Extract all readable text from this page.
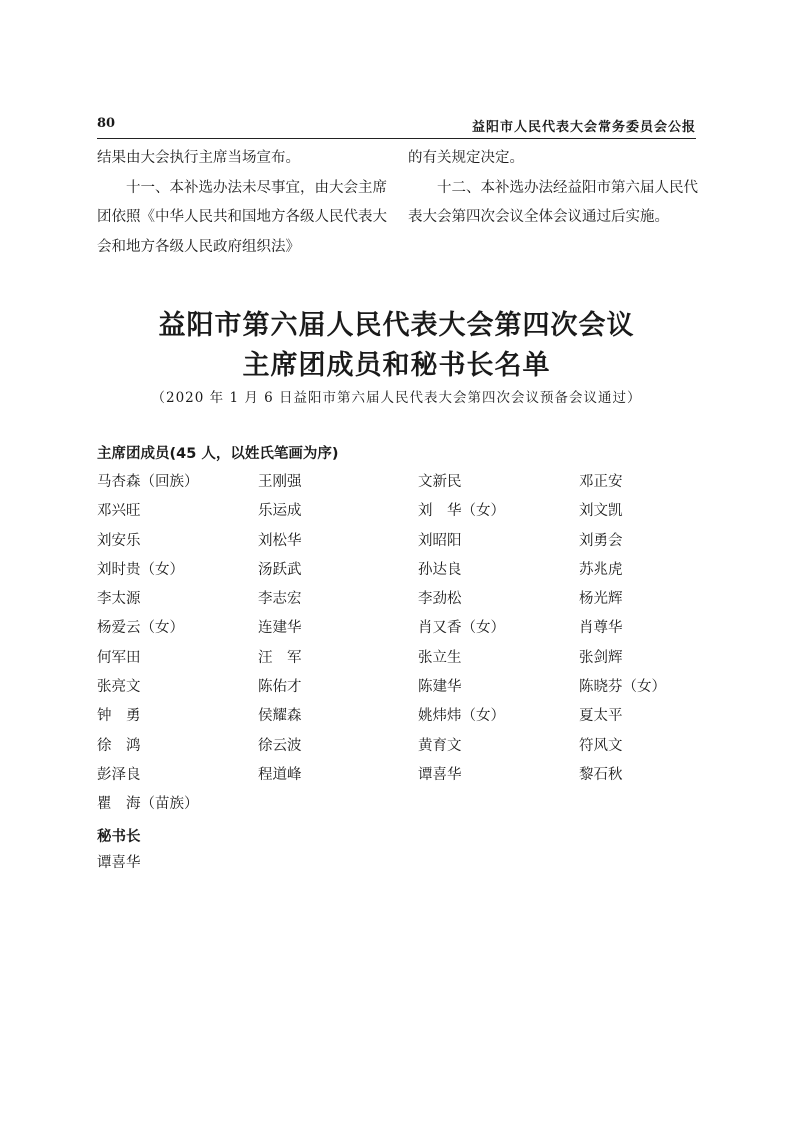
80	益阳市人民代表大会常务委员会公报

结果由大会执行主席当场宣布。

十一、本补选办法未尽事宜，由大会主席团依照《中华人民共和国地方各级人民代表大会和地方各级人民政府组织法》

的有关规定决定。

十二、本补选办法经益阳市第六届人民代表大会第四次会议全体会议通过后实施。

益阳市第六届人民代表大会第四次会议
主席团成员和秘书长名单
（2020 年 1 月 6 日益阳市第六届人民代表大会第四次会议预备会议通过）
主席团成员(45 人，以姓氏笔画为序)
马杏森（回族）	王刚强	文新民	邓正安
邓兴旺	乐运成	刘　华（女）	刘文凯
刘安乐	刘松华	刘昭阳	刘勇会
刘时贵（女）	汤跃武	孙达良	苏兆虎
李太源	李志宏	李劲松	杨光辉
杨爱云（女）	连建华	肖又香（女）	肖尊华
何军田	汪　军	张立生	张剑辉
张亮文	陈佑才	陈建华	陈晓芬（女）
钟　勇	侯耀森	姚炜炜（女）	夏太平
徐　鸿	徐云波	黄育文	符风文
彭泽良	程道峰	谭喜华	黎石秋
瞿　海（苗族）
秘书长
谭喜华
